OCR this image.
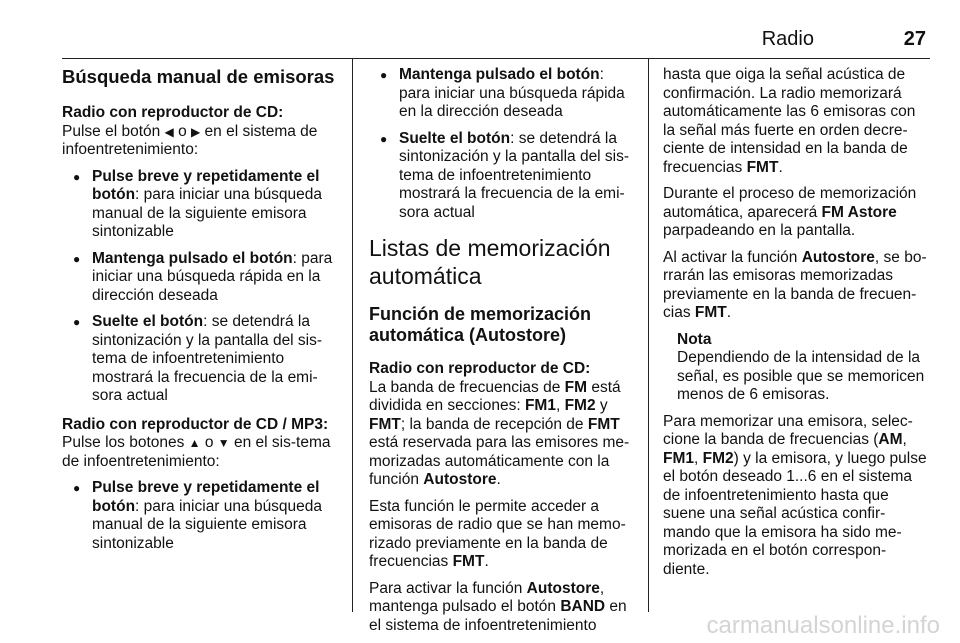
Radio	27
Búsqueda manual de emisoras

Radio con reproductor de CD:

Pulse el botón ◀ o ▶ en el sistema de infoentretenimiento:

● Pulse breve y repetidamente el botón: para iniciar una búsqueda manual de la siguiente emisora sintonizable
● Mantenga pulsado el botón: para iniciar una búsqueda rápida en la dirección deseada
● Suelte el botón: se detendrá la sintonización y la pantalla del sis-tema de infoentretenimiento mostrará la frecuencia de la emi-sora actual

Radio con reproductor de CD / MP3:

Pulse los botones ▲ o ▼ en el sis-tema de infoentretenimiento:

● Pulse breve y repetidamente el botón: para iniciar una búsqueda manual de la siguiente emisora sintonizable
● Mantenga pulsado el botón: para iniciar una búsqueda rápida en la dirección deseada
● Suelte el botón: se detendrá la sintonización y la pantalla del sis-tema de infoentretenimiento mostrará la frecuencia de la emi-sora actual
Listas de memorización automática
Función de memorización automática (Autostore)

Radio con reproductor de CD:

La banda de frecuencias de FM está dividida en secciones: FM1, FM2 y FMT; la banda de recepción de FMT está reservada para las emisores me-morizadas automáticamente con la función Autostore.

Esta función le permite acceder a emisoras de radio que se han memo-rizado previamente en la banda de frecuencias FMT.

Para activar la función Autostore, mantenga pulsado el botón BAND en el sistema de infoentretenimiento

hasta que oiga la señal acústica de confirmación. La radio memorizará automáticamente las 6 emisoras con la señal más fuerte en orden decre-ciente de intensidad en la banda de frecuencias FMT.

Durante el proceso de memorización automática, aparecerá FM Astore parpadeando en la pantalla.

Al activar la función Autostore, se bo-rrarán las emisoras memorizadas previamente en la banda de frecuen-cias FMT.

Nota
Dependiendo de la intensidad de la señal, es posible que se memoricen menos de 6 emisoras.

Para memorizar una emisora, selec-cione la banda de frecuencias (AM, FM1, FM2) y la emisora, y luego pulse el botón deseado 1...6 en el sistema de infoentretenimiento hasta que suene una señal acústica confir-mando que la emisora ha sido me-morizada en el botón correspon-diente.

carmanualsonline.info
